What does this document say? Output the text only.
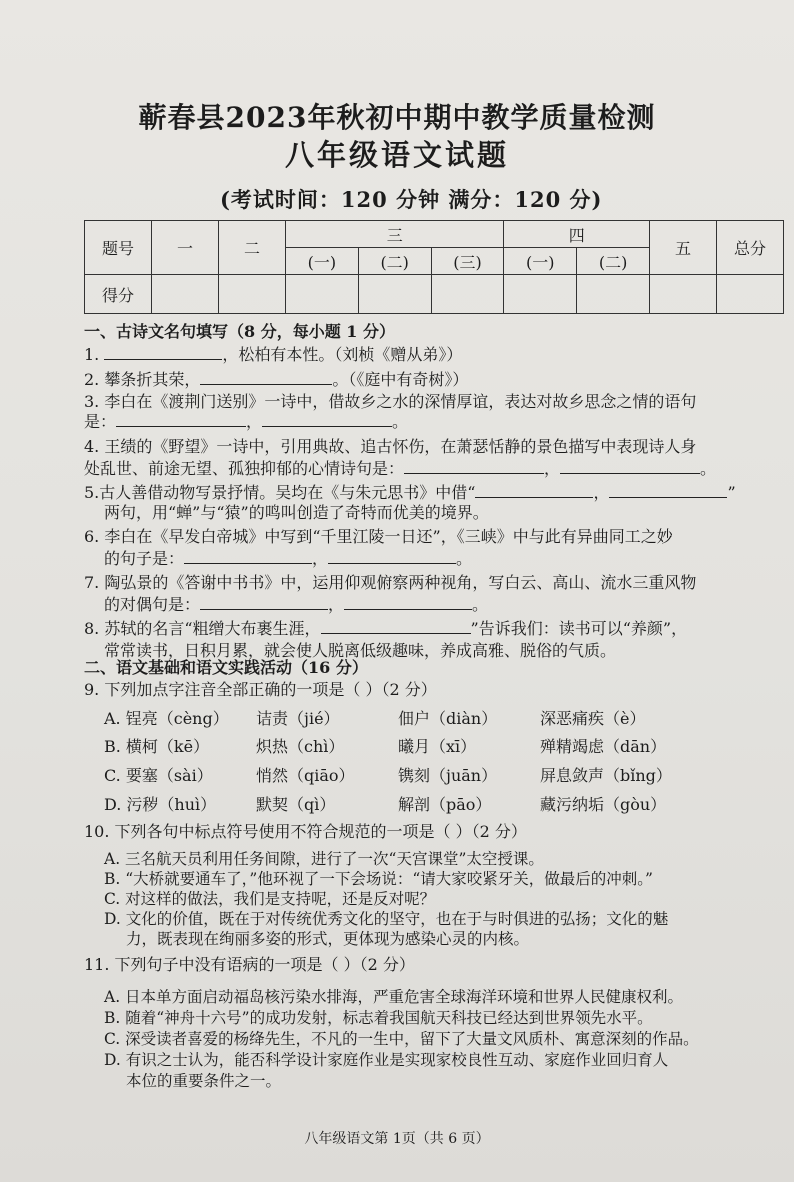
蕲春县2023年秋初中期中教学质量检测
八年级语文试题
(考试时间：120 分钟 满分：120 分)
题号	一	二	三			四		五	总分
			(一)	(二)	(三)	(一)	(二)		
得分									
一、古诗文名句填写（8 分，每小题 1 分）
1.	，松柏有本性。（刘桢《赠从弟》）
2. 攀条折其荣，	。（《庭中有奇树》）
3. 李白在《渡荆门送别》一诗中，借故乡之水的深情厚谊，表达对故乡思念之情的语句
是：	，	。
4. 王绩的《野望》一诗中，引用典故、追古怀伤，在萧瑟恬静的景色描写中表现诗人身
处乱世、前途无望、孤独抑郁的心情诗句是：	，	。
5.古人善借动物写景抒情。吴均在《与朱元思书》中借“	，	”
两句，用“蝉”与“猿”的鸣叫创造了奇特而优美的境界。
6. 李白在《早发白帝城》中写到“千里江陵一日还”，《三峡》中与此有异曲同工之妙
的句子是：	，	。
7. 陶弘景的《答谢中书书》中，运用仰观俯察两种视角，写白云、高山、流水三重风物
的对偶句是：	，	。
8. 苏轼的名言“粗缯大布裹生涯，	”告诉我们：读书可以“养颜”，
常常读书，日积月累，就会使人脱离低级趣味，养成高雅、脱俗的气质。
二、语文基础和语文实践活动（16 分）
9. 下列加点字注音全部正确的一项是（ ）（2 分）
A. 锃亮（cèng） 诘责（jié）	佃户（diàn）	深恶痛疾（è）
B. 横柯（kē）	炽热（chì）	曦月（xī）	殚精竭虑（dān）
C. 要塞（sài）	悄然（qiāo）	镌刻（juān）	屏息敛声（bǐng）
D. 污秽（huì） 默契（qì）	解剖（pāo）	藏污纳垢（gòu）
10. 下列各句中标点符号使用不符合规范的一项是（ ）（2 分）
A. 三名航天员利用任务间隙，进行了一次“天宫课堂”太空授课。
B. “大桥就要通车了，”他环视了一下会场说：“请大家咬紧牙关，做最后的冲刺。”
C. 对这样的做法，我们是支持呢，还是反对呢？
D. 文化的价值，既在于对传统优秀文化的坚守，也在于与时俱进的弘扬；文化的魅
力，既表现在绚丽多姿的形式，更体现为感染心灵的内核。
11. 下列句子中没有语病的一项是（ ）（2 分）
A. 日本单方面启动福岛核污染水排海，严重危害全球海洋环境和世界人民健康权利。
B. 随着“神舟十六号”的成功发射，标志着我国航天科技已经达到世界领先水平。
C. 深受读者喜爱的杨绛先生，不凡的一生中，留下了大量文风质朴、寓意深刻的作品。
D. 有识之士认为，能否科学设计家庭作业是实现家校良性互动、家庭作业回归育人
本位的重要条件之一。
八年级语文第 1页（共 6 页）
